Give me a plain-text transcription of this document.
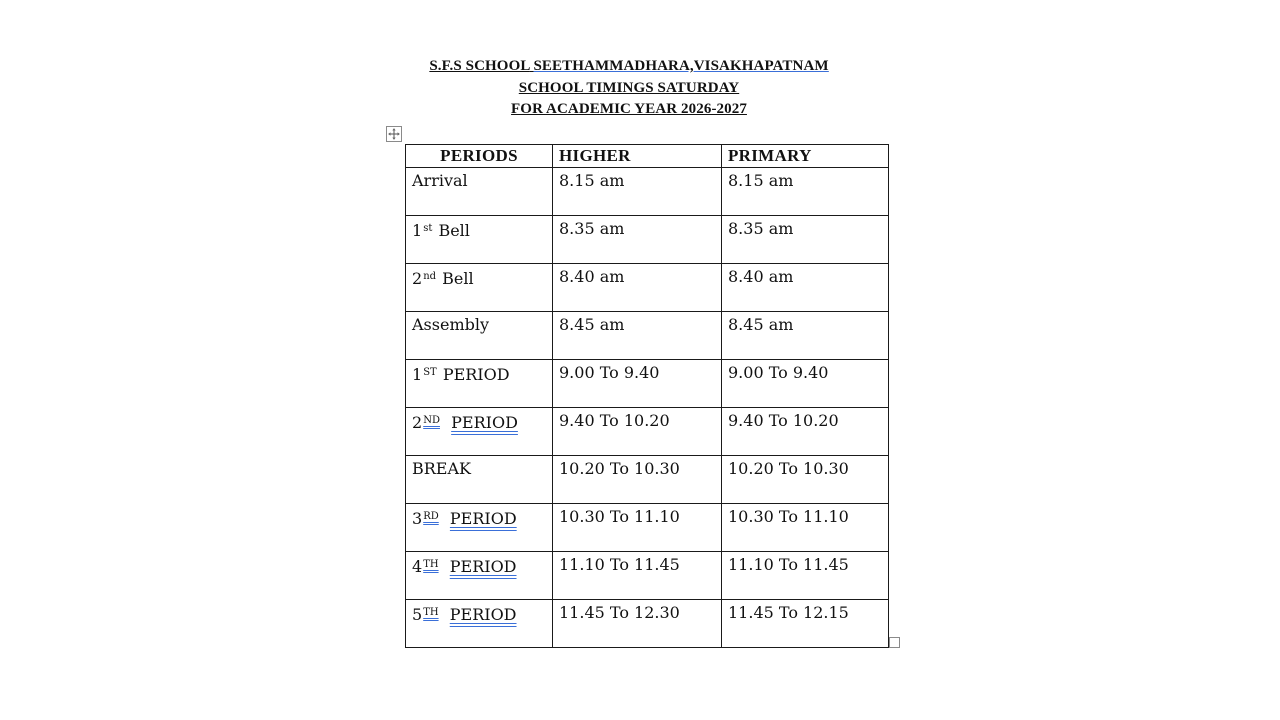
S.F.S SCHOOL SEETHAMMADHARA,VISAKHAPATNAM
SCHOOL TIMINGS SATURDAY
FOR ACADEMIC YEAR 2026-2027
PERIODS	HIGHER	PRIMARY
Arrival	8.15 am	8.15 am
1st Bell	8.35 am	8.35 am
2nd Bell	8.40 am	8.40 am
Assembly	8.45 am	8.45 am
1ST PERIOD	9.00 To 9.40	9.00 To 9.40
2ND PERIOD	9.40 To 10.20	9.40 To 10.20
BREAK	10.20 To 10.30	10.20 To 10.30
3RD PERIOD	10.30 To 11.10	10.30 To 11.10
4TH PERIOD	11.10 To 11.45	11.10 To 11.45
5TH PERIOD	11.45 To 12.30	11.45 To 12.15
